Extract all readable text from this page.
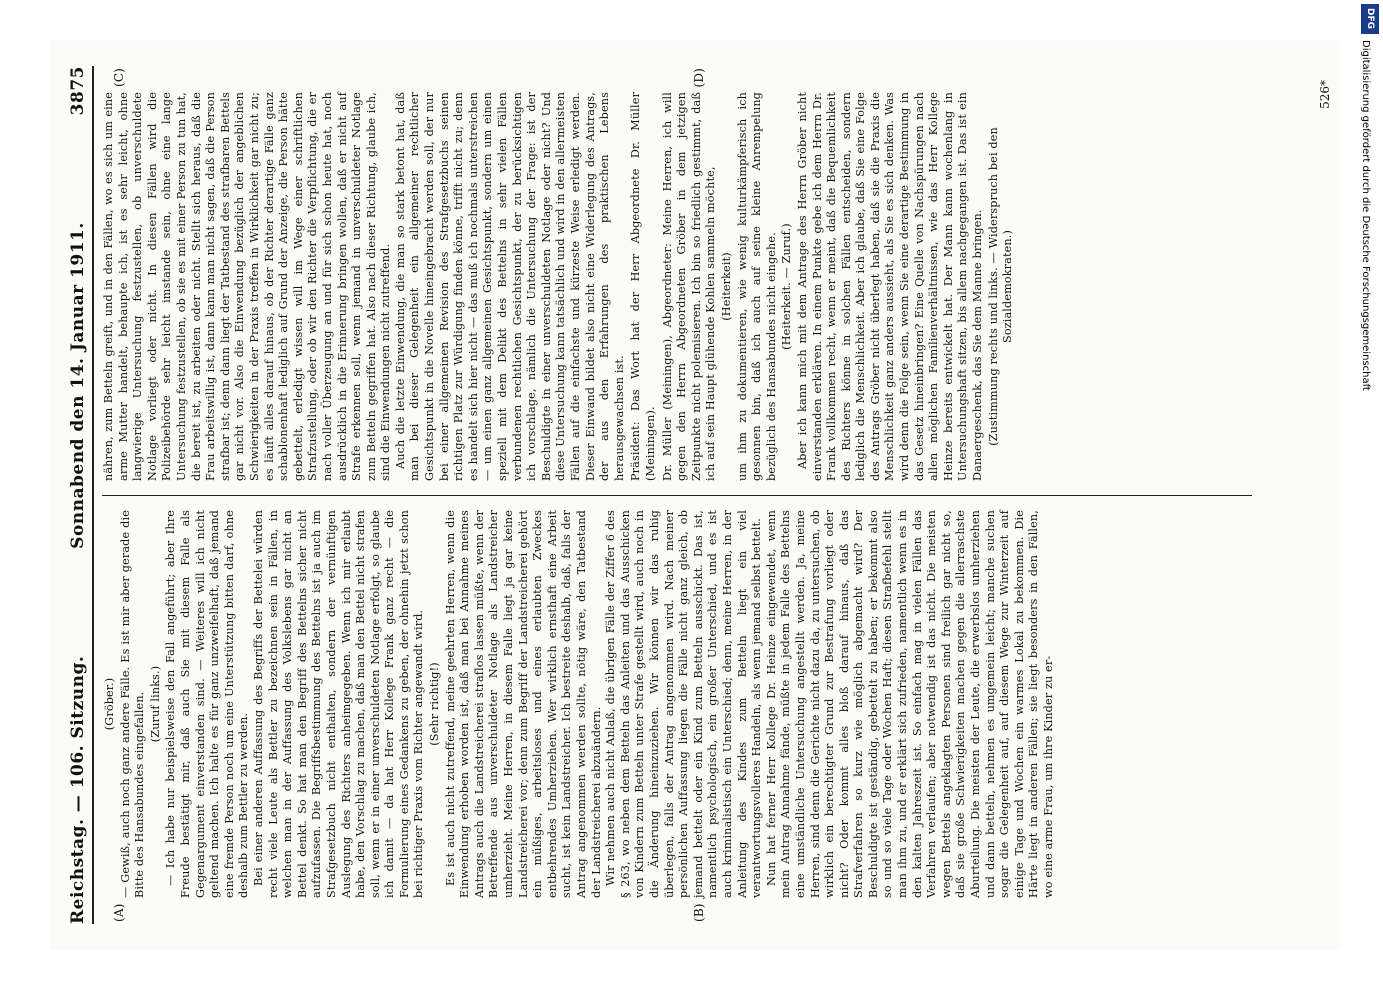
Reichstag. — 106. Sitzung.
Sonnabend den 14. Januar 1911.
3875
(A)	(B)

(Gröber.) — Gewiß, auch noch ganz andere Fälle. Es ist mir aber gerade die Bitte des Hansabundes eingefallen. (Zuruf links.) — Ich habe nur beispielsweise den Fall angeführt; aber Ihre Freude bestätigt mir, daß auch Sie mit diesem Falle als Gegenargument einverstanden sind. — Weiteres will ich nicht geltend machen. Ich halte es für ganz unzweifelhaft, daß jemand eine fremde Person noch um eine Unterstützung bitten darf, ohne deshalb zum Bettler zu werden. Bei einer anderen Auffassung des Begriffs der Bettelei würden recht viele Leute als Bettler zu bezeichnen sein in Fällen, in welchen man in der Auffassung des Volkslebens gar nicht an Bettel denkt. So hat man den Begriff des Bettelns sicher nicht aufzufassen. Die Begriffsbestimmung des Bettelns ist ja auch im Strafgesetzbuch nicht enthalten, sondern der vernünftigen Auslegung des Richters anheimgegeben. Wenn ich mir erlaubt habe, den Vorschlag zu machen, daß man den Bettel nicht strafen soll, wenn er in einer unverschuldeten Notlage erfolgt, so glaube ich damit — da hat Herr Kollege Frank ganz recht — die Formulierung eines Gedankens zu geben, der ohnehin jetzt schon bei richtiger Praxis vom Richter angewandt wird. (Sehr richtig!) Es ist auch nicht zutreffend, meine geehrten Herren, wenn die Einwendung erhoben worden ist, daß man bei Annahme meines Antrags auch die Landstreicherei straflos lassen müßte, wenn der Betreffende aus unverschuldeter Notlage als Landstreicher umherzieht. Meine Herren, in diesem Falle liegt ja gar keine Landstreicherei vor; denn zum Begriff der Landstreicherei gehört ein müßiges, arbeitsloses und eines erlaubten Zweckes entbehrendes Umherziehen. Wer wirklich ernsthaft eine Arbeit sucht, ist kein Landstreicher. Ich bestreite deshalb, daß, falls der Antrag angenommen werden sollte, nötig wäre, den Tatbestand der Landstreicherei abzuändern. Wir nehmen auch nicht Anlaß, die übrigen Fälle der Ziffer 6 des § 263, wo neben dem Betteln das Anleiten und das Ausschicken von Kindern zum Betteln unter Strafe gestellt wird, auch noch in die Änderung hineinzuziehen. Wir können wir das ruhig überlegen, falls der Antrag angenommen wird. Nach meiner persönlichen Auffassung liegen die Fälle nicht ganz gleich, ob jemand bettelt oder ein Kind zum Betteln ausschickt. Das ist, namentlich psychologisch, ein großer Unterschied, und es ist auch kriminalistisch ein Unterschied; denn, meine Herren, in der Anleitung des Kindes zum Betteln liegt ein viel verantwortungsvolleres Handeln, als wenn jemand selbst bettelt. Nun hat ferner Herr Kollege Dr. Heinze eingewendet, wenn mein Antrag Annahme fände, müßte in jedem Falle des Bettelns eine umständliche Untersuchung angestellt werden. Ja, meine Herren, sind denn die Gerichte nicht dazu da, zu untersuchen, ob wirklich ein berechtigter Grund zur Bestrafung vorliegt oder nicht? Oder kommt alles bloß darauf hinaus, daß das Strafverfahren so kurz wie möglich abgemacht wird? Der Beschuldigte ist geständig, gebettelt zu haben; er bekommt also so und so viele Tage oder Wochen Haft; diesen Strafbefehl stellt man ihm zu, und er erklärt sich zufrieden, namentlich wenn es in den kalten Jahreszeit ist. So einfach mag in vielen Fällen das Verfahren verlaufen; aber notwendig ist das nicht. Die meisten wegen Bettels angeklagten Personen sind freilich gar nicht so, daß sie große Schwierigkeiten machen gegen die allerraschste Aburteilung. Die meisten der Leute, die erwerbslos umherziehen und dann betteln, nehmen es umgemein leicht; manche suchen sogar die Gelegenheit auf, auf diesem Wege zur Winterzeit auf einige Tage und Wochen ein warmes Lokal zu bekommen. Die Härte liegt in anderen Fällen; sie liegt besonders in den Fällen, wo eine arme Frau, um ihre Kinder zu er-

(C)	(D)

nähren, zum Betteln greift, und in den Fällen, wo es sich um eine arme Mutter handelt, behaupte ich, ist es sehr leicht, ohne langwierige Untersuchung festzustellen, ob unverschuldete Notlage vorliegt oder nicht. In diesen Fällen wird die Polizeibehörde sehr leicht imstande sein, ohne eine lange Untersuchung festzustellen, ob sie es mit einer Person zu tun hat, die bereit ist, zu arbeiten oder nicht. Stellt sich heraus, daß die Frau arbeitswillig ist, dann kann man nicht sagen, daß die Person strafbar ist; denn dann liegt der Tatbestand des strafbaren Bettels gar nicht vor. Also die Einwendung bezüglich der angeblichen Schwierigkeiten in der Praxis treffen in Wirklichkeit gar nicht zu; es läuft alles darauf hinaus, ob der Richter derartige Fälle ganz schablonenhaft lediglich auf Grund der Anzeige, die Person hätte gebettelt, erledigt wissen will im Wege einer schriftlichen Strafzustellung, oder ob wir den Richter die Verpflichtung, die er nach voller Überzeugung an und für sich schon heute hat, noch ausdrücklich in die Erinnerung bringen wollen, daß er nicht auf Strafe erkennen soll, wenn jemand in unverschuldeter Notlage zum Betteln gegriffen hat. Also nach dieser Richtung, glaube ich, sind die Einwendungen nicht zutreffend. Auch die letzte Einwendung, die man so stark betont hat, daß man bei dieser Gelegenheit ein allgemeiner rechtlicher Gesichtspunkt in die Novelle hineingebracht werden soll, der nur bei einer allgemeinen Revision des Strafgesetzbuchs seinen richtigen Platz zur Würdigung finden könne, trifft nicht zu; denn es handelt sich hier nicht — das muß ich nochmals unterstreichen — um einen ganz allgemeinen Gesichtspunkt, sondern um einen speziell mit dem Delikt des Bettelns in sehr vielen Fällen verbundenen rechtlichen Gesichtspunkt, der zu berücksichtigen ich vorschlage, nämlich die Untersuchung der Frage: ist der Beschuldigte in einer unverschuldeten Notlage oder nicht? Und diese Untersuchung kann tatsächlich und wird in den allermeisten Fällen auf die einfachste und kürzeste Weise erledigt werden. Dieser Einwand bildet also nicht eine Widerlegung des Antrags, der aus den Erfahrungen des praktischen Lebens herausgewachsen ist. Präsident: Das Wort hat der Herr Abgeordnete Dr. Müller (Meiningen). Dr. Müller (Meiningen), Abgeordneter: Meine Herren, ich will gegen den Herrn Abgeordneten Gröber in dem jetzigen Zeitpunkte nicht polemisieren. Ich bin so friedlich gestimmt, daß ich auf sein Haupt glühende Kohlen sammeln möchte, (Heiterkeit) um ihm zu dokumentieren, wie wenig kulturkämpferisch ich gesonnen bin, daß ich auch auf seine kleine Anrempelung bezüglich des Hansabundes nicht eingehe. (Heiterkeit. — Zuruf.) Aber ich kann mich mit dem Antrage des Herrn Gröber nicht einverstanden erklären. In einem Punkte gebe ich dem Herrn Dr. Frank vollkommen recht, wenn er meint, daß die Bequemlichkeit des Richters könne in solchen Fällen entscheiden, sondern lediglich die Menschlichkeit. Aber ich glaube, daß Sie eine Folge des Antrags Gröber nicht überlegt haben, daß sie die Praxis die Menschlichkeit ganz anders aussieht, als Sie es sich denken. Was wird denn die Folge sein, wenn Sie eine derartige Bestimmung in das Gesetz hineinbringen? Eine Quelle von Nachspürungen nach allen möglichen Familienverhältnissen, wie das Herr Kollege Heinze bereits entwickelt hat. Der Mann kann wochenlang in Untersuchungshaft sitzen, bis allem nachgegangen ist. Das ist ein Danaergeschenk, das Sie dem Manne bringen. (Zustimmung rechts und links. — Widerspruch bei den Sozialdemokraten.)

526*
DFG
Digitalisierung gefördert durch die Deutsche Forschungsgemeinschaft
